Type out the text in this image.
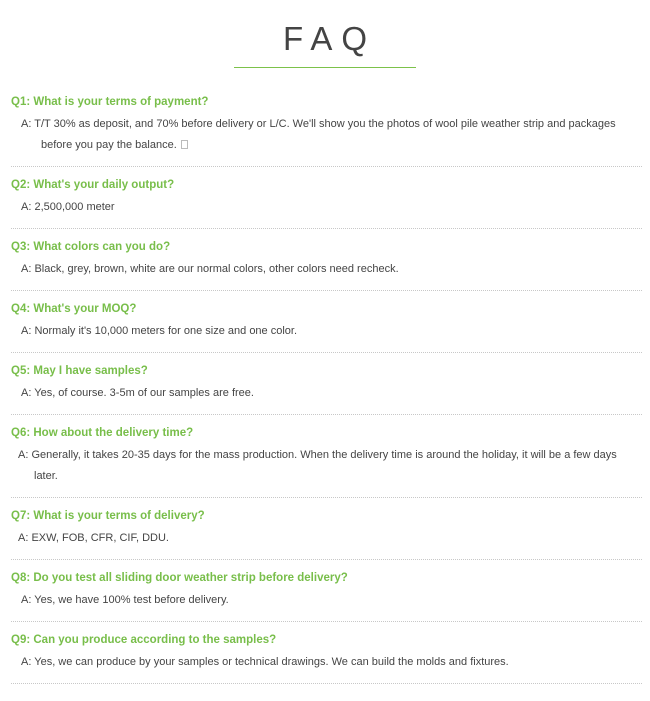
FAQ
Q1: What is your terms of payment?
A: T/T 30% as deposit, and 70% before delivery or L/C. We'll show you the photos of wool pile weather strip and packages before you pay the balance.
Q2: What's your daily output?
A: 2,500,000 meter
Q3: What colors can you do?
A: Black, grey, brown, white are our normal colors, other colors need recheck.
Q4: What's your MOQ?
A: Normaly it's 10,000 meters for one size and one color.
Q5: May I have samples?
A: Yes, of course. 3-5m of our samples are free.
Q6: How about the delivery time?
A: Generally, it takes 20-35 days for the mass production. When the delivery time is around the holiday, it will be a few days later.
Q7: What is your terms of delivery?
A: EXW, FOB, CFR, CIF, DDU.
Q8: Do you test all sliding door weather strip before delivery?
A: Yes, we have 100% test before delivery.
Q9: Can you produce according to the samples?
A: Yes, we can produce by your samples or technical drawings. We can build the molds and fixtures.
